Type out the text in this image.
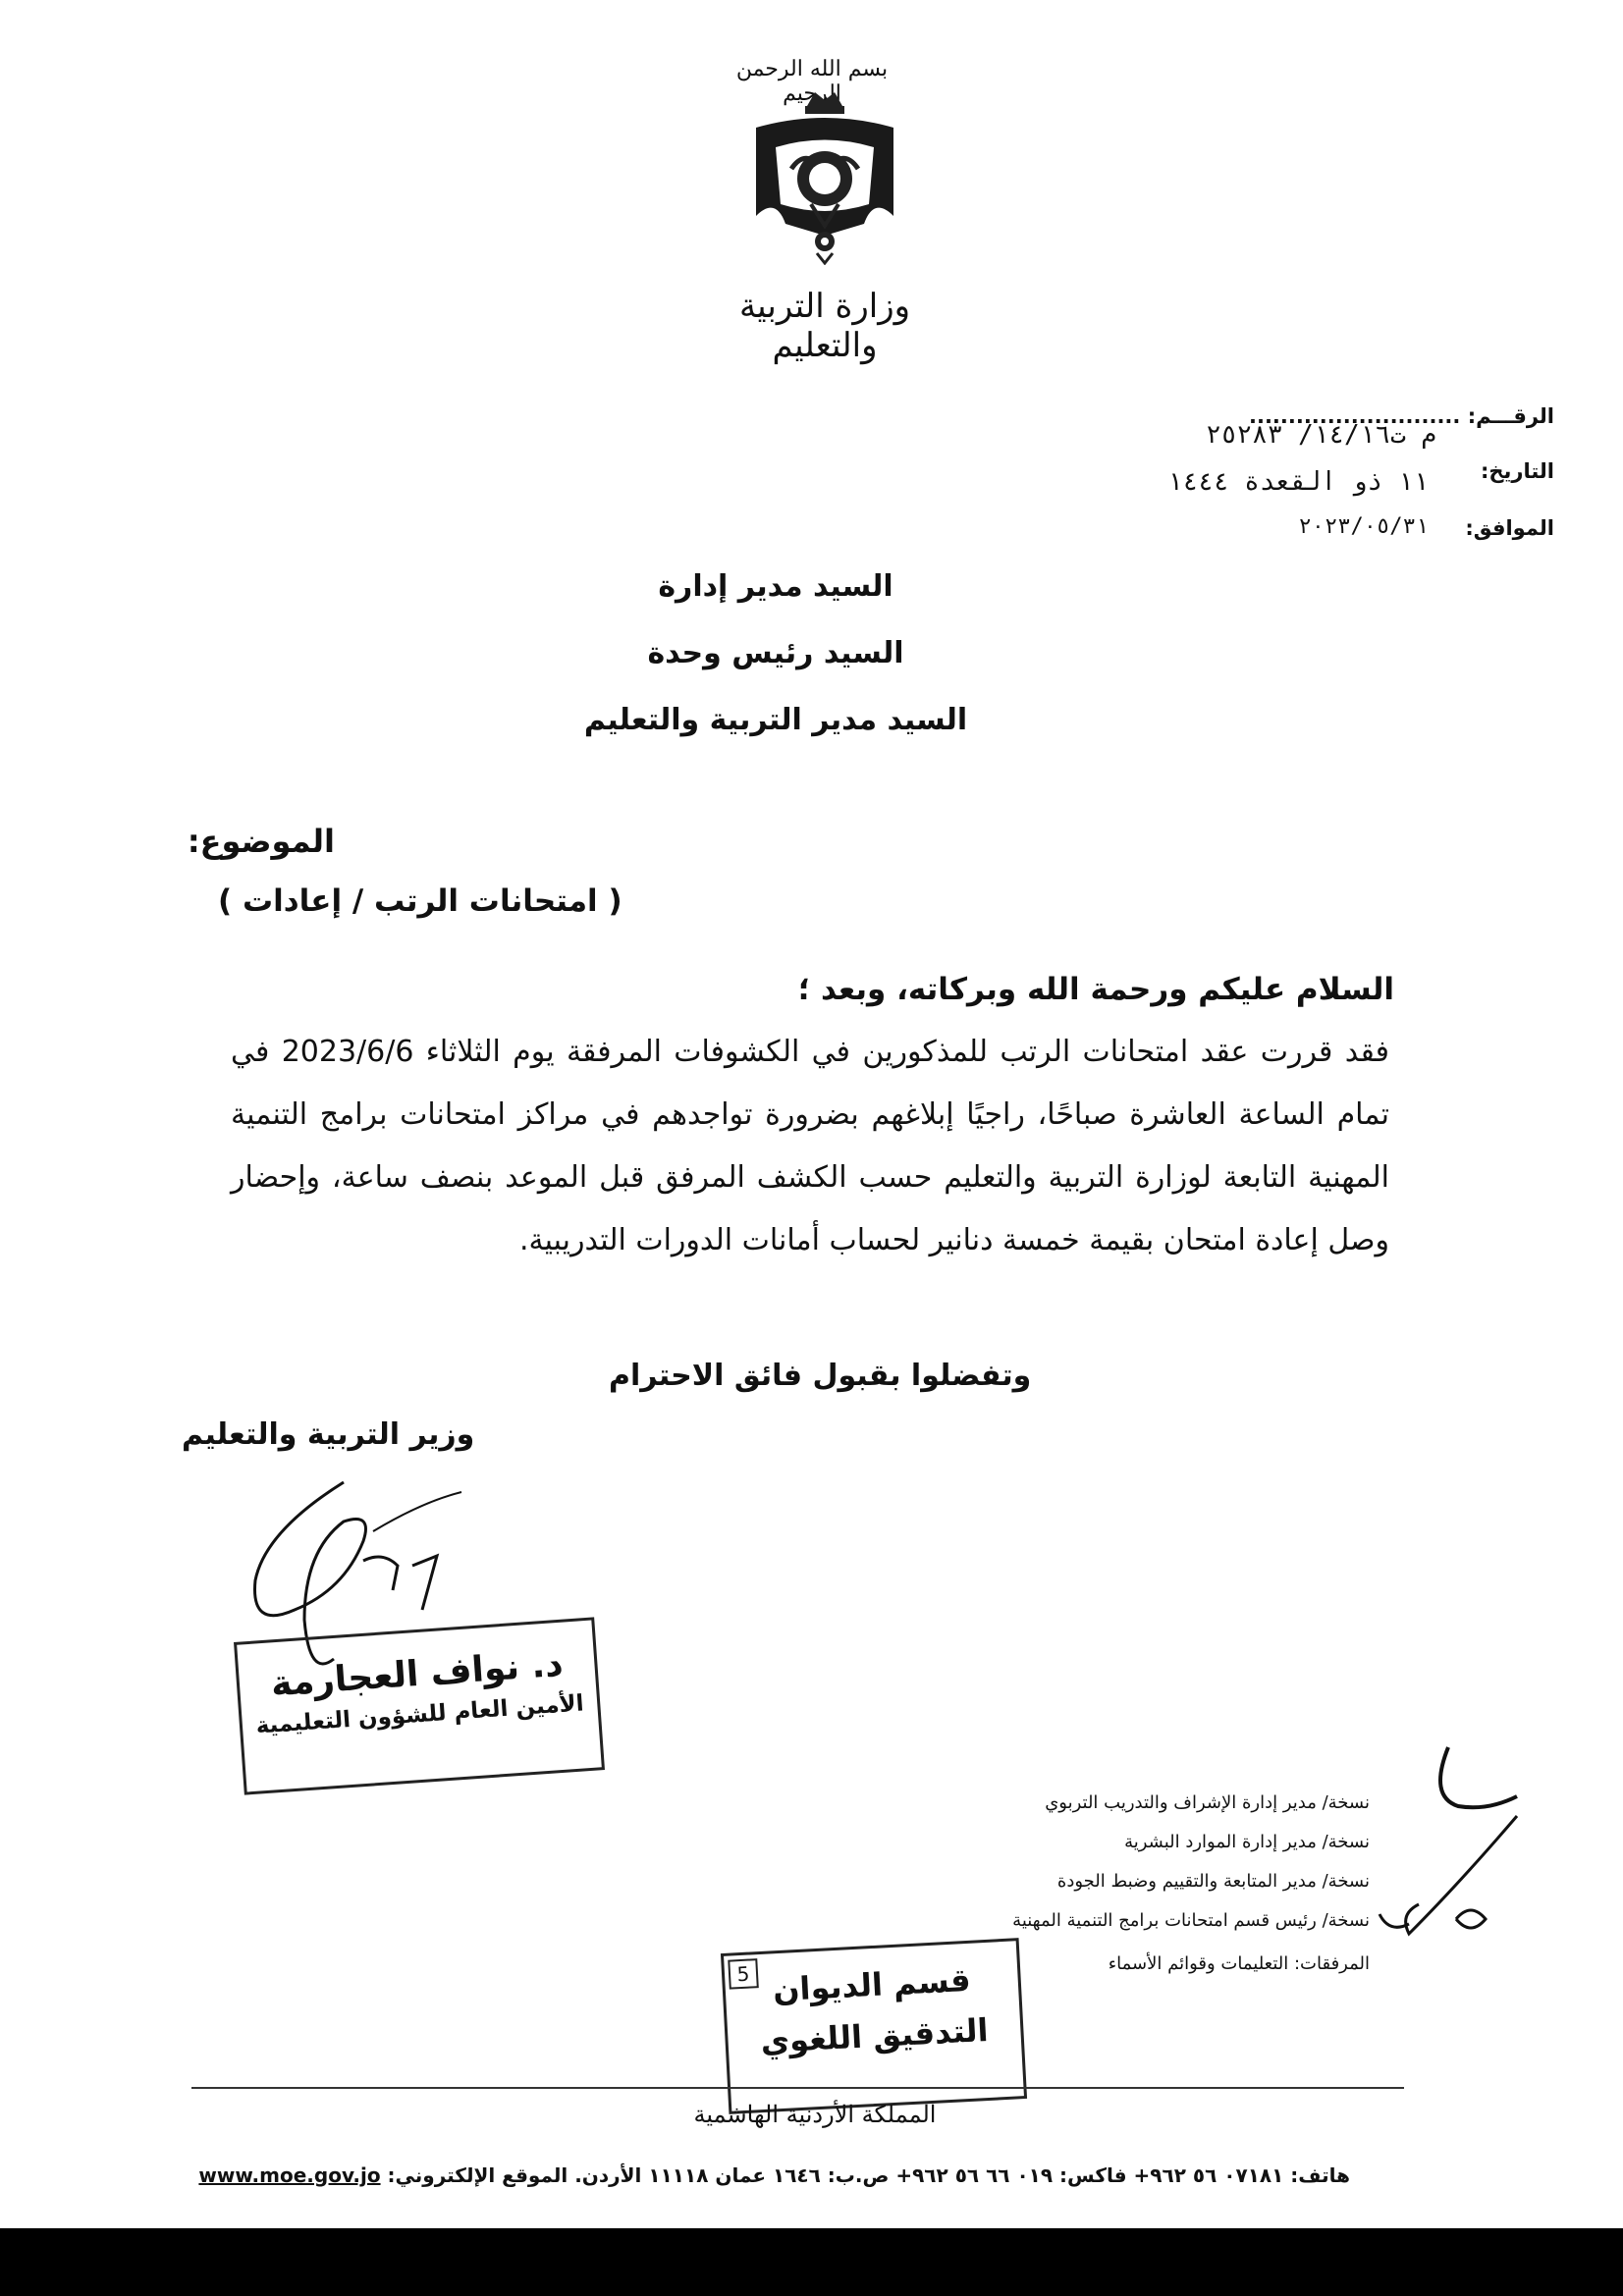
بسم الله الرحمن الرحيم
وزارة التربية والتعليم
الرقـــم: ...........................
م ت١٤/١٦/ ٢٥٢٨٣
التاريخ:
١١ ذو القعدة ١٤٤٤
الموافق:
٢٠٢٣/٠٥/٣١
السيد مدير إدارة
السيد رئيس وحدة
السيد مدير التربية والتعليم
الموضوع:
( امتحانات الرتب / إعادات )
السلام عليكم ورحمة الله وبركاته، وبعد ؛
فقد قررت عقد امتحانات الرتب للمذكورين في الكشوفات المرفقة يوم الثلاثاء 2023/6/6 في تمام الساعة العاشرة صباحًا، راجيًا إبلاغهم بضرورة تواجدهم في مراكز امتحانات برامج التنمية المهنية التابعة لوزارة التربية والتعليم حسب الكشف المرفق قبل الموعد بنصف ساعة، وإحضار وصل إعادة امتحان بقيمة خمسة دنانير لحساب أمانات الدورات التدريبية.
وتفضلوا بقبول فائق الاحترام
وزير التربية والتعليم
د. نواف العجارمة
الأمين العام للشؤون التعليمية
نسخة/ مدير إدارة الإشراف والتدريب التربوي
نسخة/ مدير إدارة الموارد البشرية
نسخة/ مدير المتابعة والتقييم وضبط الجودة
نسخة/ رئيس قسم امتحانات برامج التنمية المهنية
المرفقات: التعليمات وقوائم الأسماء
5 قسم الديوان
التدقيق اللغوي
المملكة الأردنية الهاشمية
هاتف: ٠٧١٨١ ٥٦ ٩٦٢+ فاكس: ٠١٩ ٦٦ ٥٦ ٩٦٢+ ص.ب: ١٦٤٦ عمان ١١١١٨ الأردن. الموقع الإلكتروني: www.moe.gov.jo
